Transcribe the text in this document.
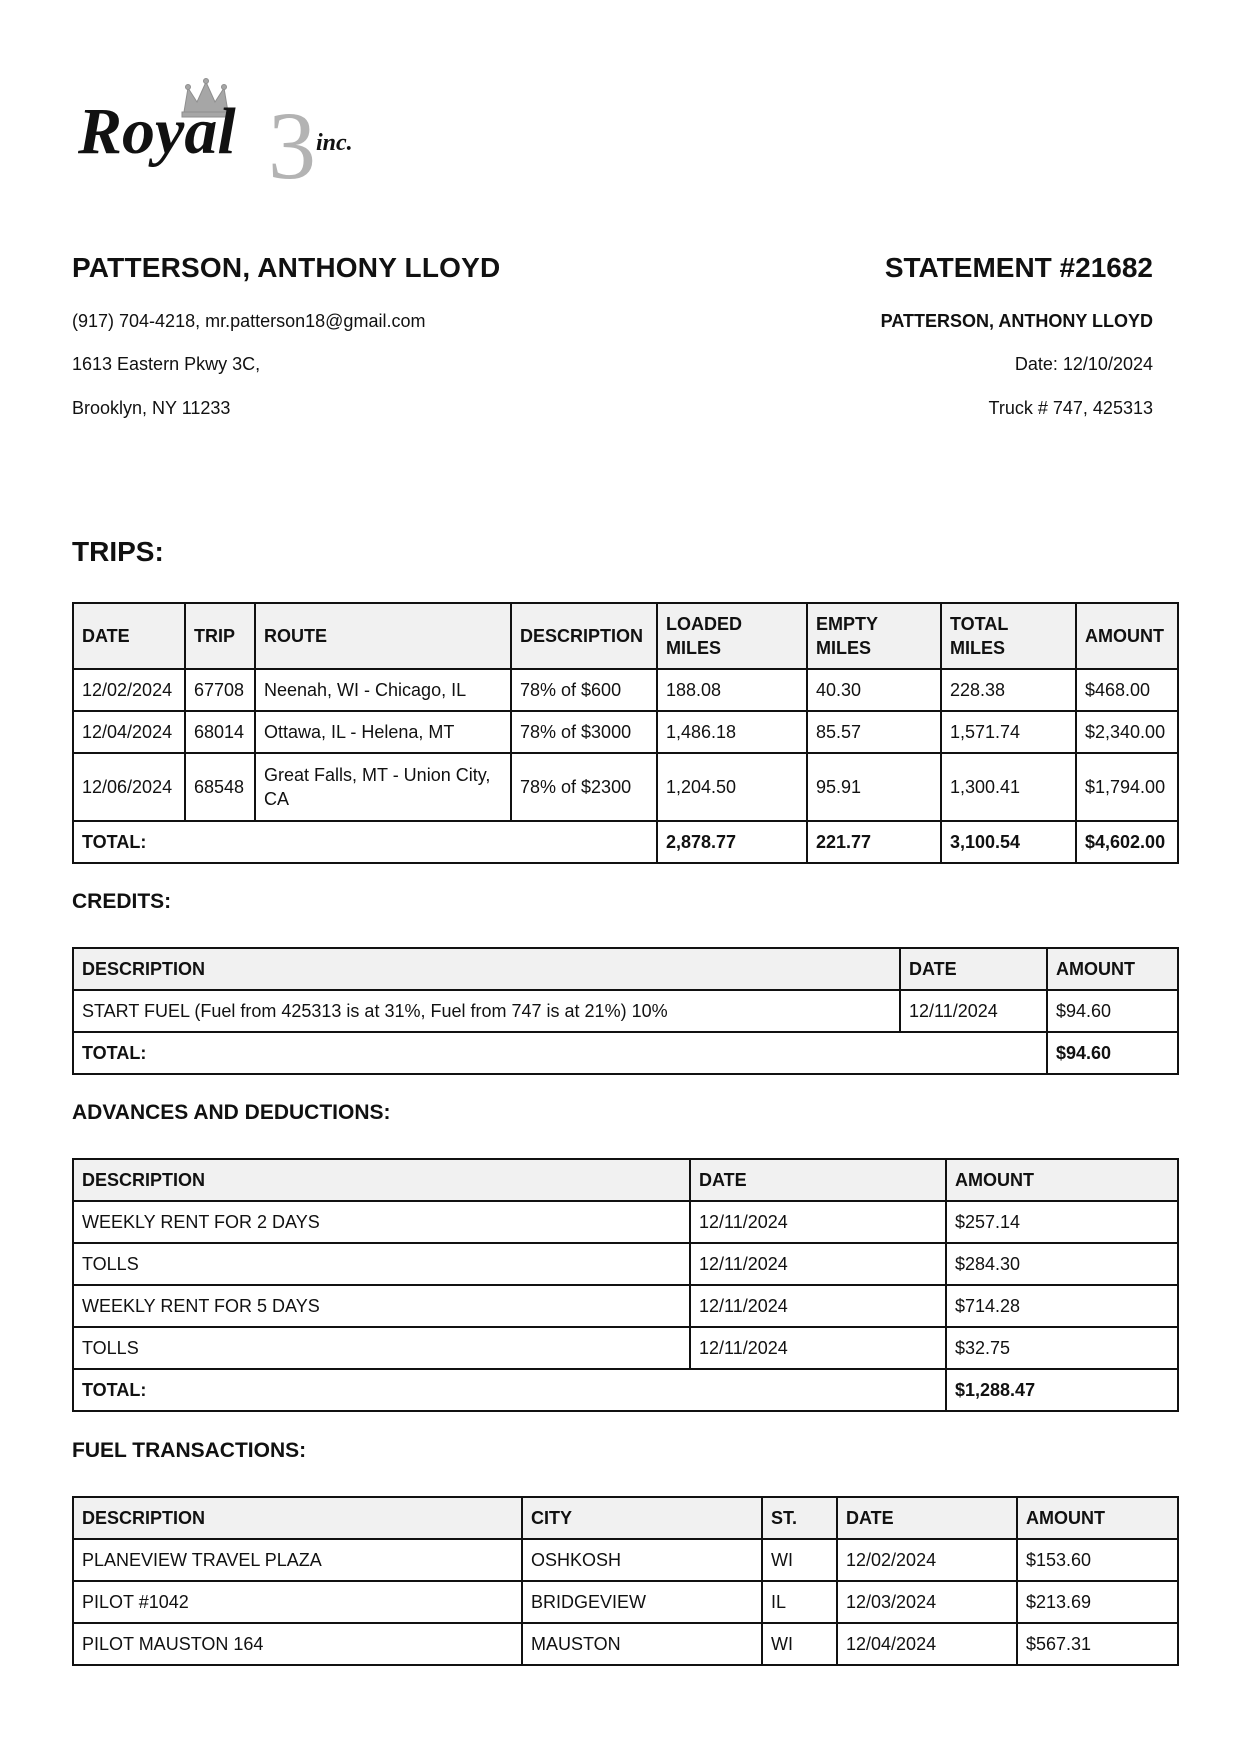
3
Royal	inc.
PATTERSON, ANTHONY LLOYD
(917) 704-4218, mr.patterson18@gmail.com
1613 Eastern Pkwy 3C,
Brooklyn, NY 11233
STATEMENT #21682
PATTERSON, ANTHONY LLOYD
Date: 12/10/2024
Truck # 747, 425313
TRIPS:
DATE	TRIP	ROUTE	DESCRIPTION	LOADED MILES	EMPTY MILES	TOTAL MILES	AMOUNT
12/02/2024	67708	Neenah, WI - Chicago, IL	78% of $600	188.08	40.30	228.38	$468.00
12/04/2024	68014	Ottawa, IL - Helena, MT	78% of $3000	1,486.18	85.57	1,571.74	$2,340.00
12/06/2024	68548	Great Falls, MT - Union City, CA	78% of $2300	1,204.50	95.91	1,300.41	$1,794.00
TOTAL:				2,878.77	221.77	3,100.54	$4,602.00
CREDITS:
DESCRIPTION	DATE	AMOUNT
START FUEL (Fuel from 425313 is at 31%, Fuel from 747 is at 21%) 10%	12/11/2024	$94.60
TOTAL:		$94.60
ADVANCES AND DEDUCTIONS:
DESCRIPTION	DATE	AMOUNT
WEEKLY RENT FOR 2 DAYS	12/11/2024	$257.14
TOLLS	12/11/2024	$284.30
WEEKLY RENT FOR 5 DAYS	12/11/2024	$714.28
TOLLS	12/11/2024	$32.75
TOTAL:		$1,288.47
FUEL TRANSACTIONS:
DESCRIPTION	CITY	ST.	DATE	AMOUNT
PLANEVIEW TRAVEL PLAZA	OSHKOSH	WI	12/02/2024	$153.60
PILOT #1042	BRIDGEVIEW	IL	12/03/2024	$213.69
PILOT MAUSTON 164	MAUSTON	WI	12/04/2024	$567.31
